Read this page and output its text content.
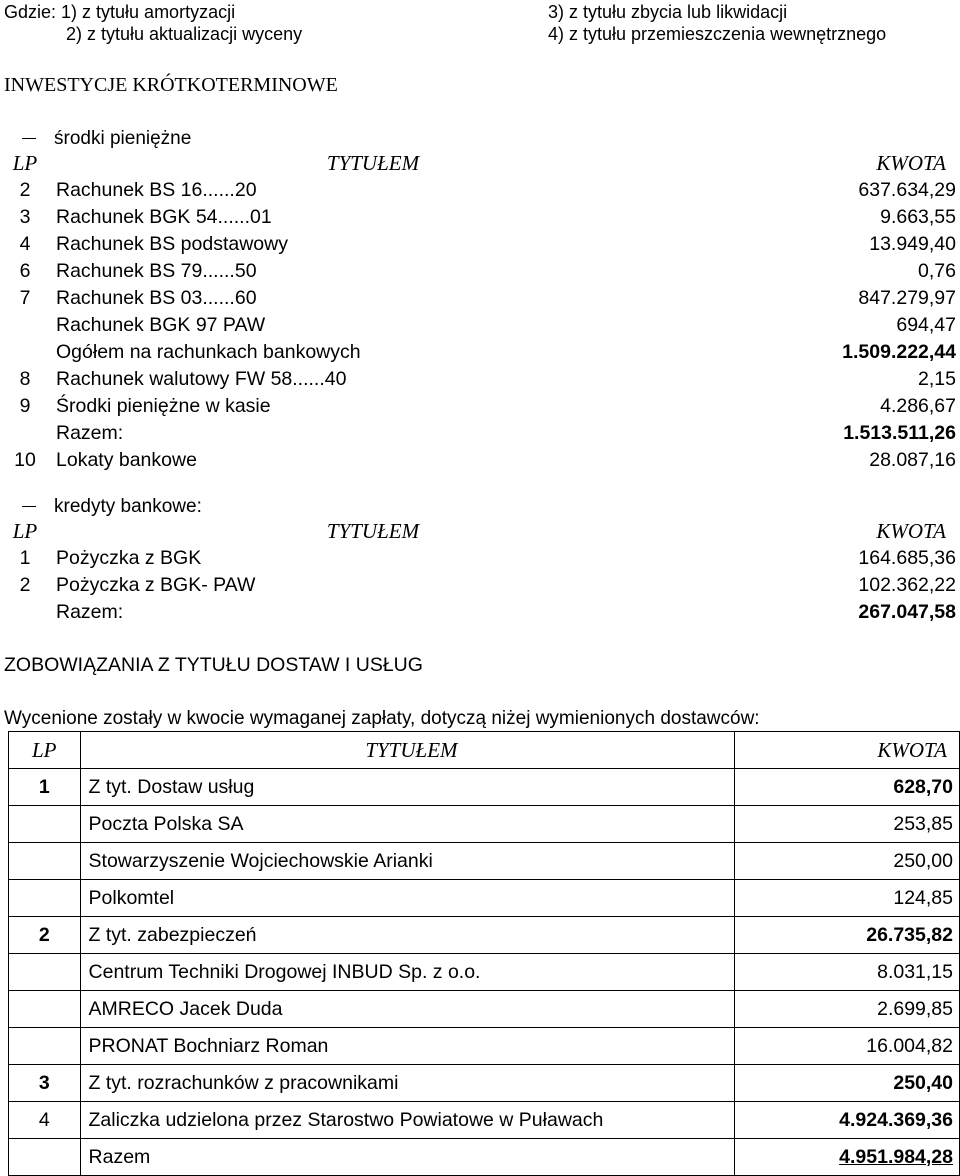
Gdzie: 1) z tytułu amortyzacji	3) z tytułu zbycia lub likwidacji
2) z tytułu aktualizacji wyceny	4) z tytułu przemieszczenia wewnętrznego
INWESTYCJE KRÓTKOTERMINOWE
środki pieniężne
LP	TYTUŁEM	KWOTA
2	Rachunek BS 16......20	637.634,29
3	Rachunek BGK 54......01	9.663,55
4	Rachunek BS podstawowy	13.949,40
6	Rachunek BS 79......50	0,76
7	Rachunek BS 03......60	847.279,97
	Rachunek BGK 97 PAW	694,47
	Ogółem na rachunkach bankowych	1.509.222,44
8	Rachunek walutowy FW 58......40	2,15
9	Środki pieniężne w kasie	4.286,67
	Razem:	1.513.511,26
10	Lokaty bankowe	28.087,16
kredyty bankowe:
LP	TYTUŁEM	KWOTA
1	Pożyczka z BGK	164.685,36
2	Pożyczka z BGK- PAW	102.362,22
	Razem:	267.047,58
ZOBOWIĄZANIA Z TYTUŁU DOSTAW I USŁUG
Wycenione zostały w kwocie wymaganej zapłaty, dotyczą niżej wymienionych dostawców:
LP	TYTUŁEM	KWOTA
1	Z tyt. Dostaw usług	628,70
	Poczta Polska SA	253,85
	Stowarzyszenie Wojciechowskie Arianki	250,00
	Polkomtel	124,85
2	Z tyt. zabezpieczeń	26.735,82
	Centrum Techniki Drogowej INBUD Sp. z o.o.	8.031,15
	AMRECO Jacek Duda	2.699,85
	PRONAT Bochniarz Roman	16.004,82
3	Z tyt. rozrachunków z pracownikami	250,40
4	Zaliczka udzielona przez Starostwo Powiatowe w Puławach	4.924.369,36
	Razem	4.951.984,28
